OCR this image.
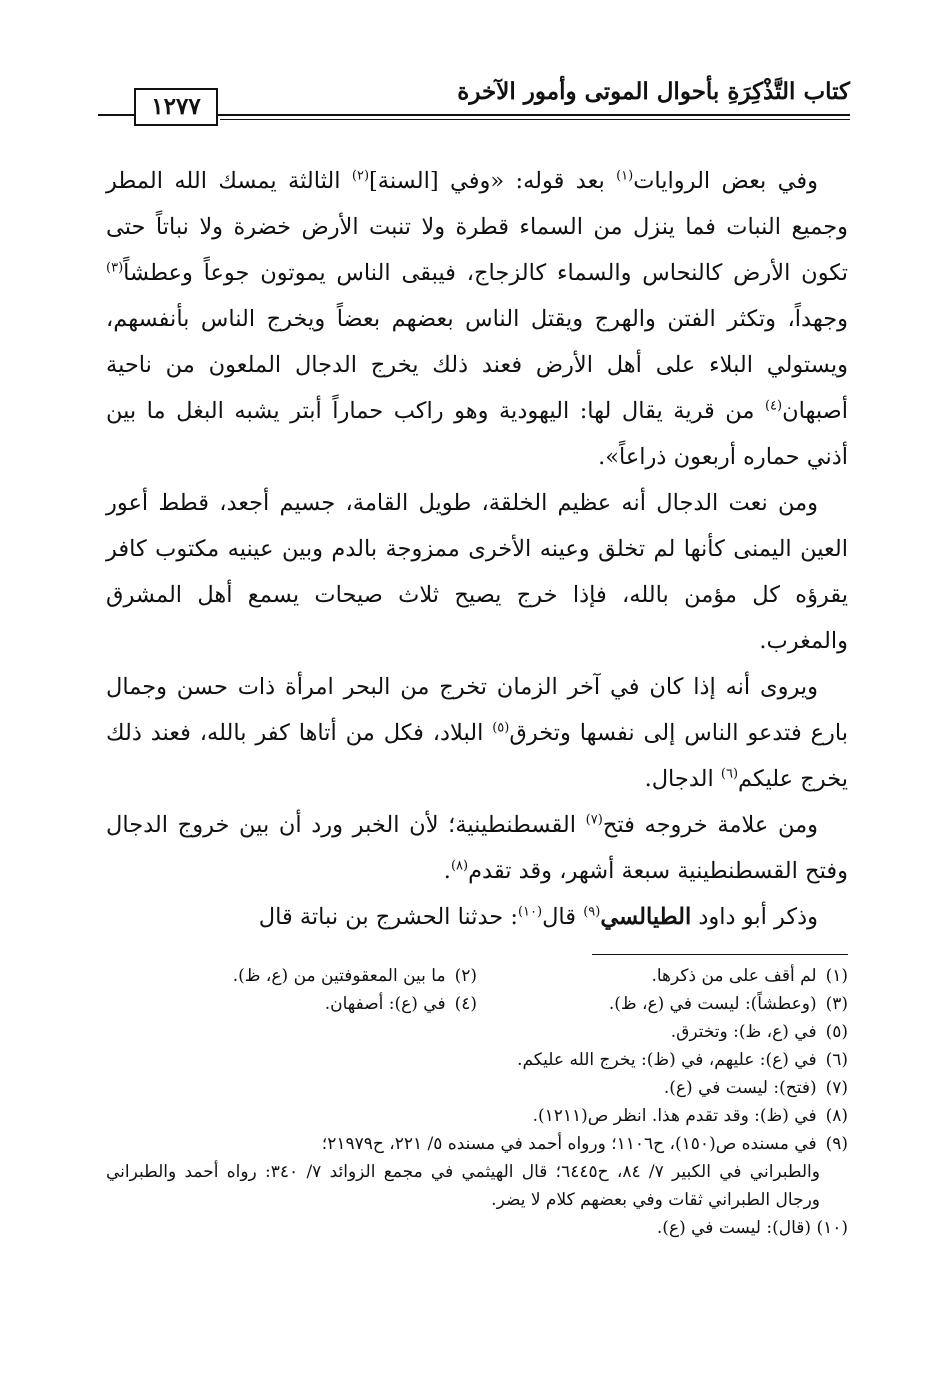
كتاب التَّذْكِرَةِ بأحوال الموتى وأمور الآخرة
١٢٧٧

وفي بعض الروايات$^{(١)}$ بعد قوله: «وفي [السنة]$^{(٢)}$ الثالثة يمسك الله المطر وجميع النبات فما ينزل من السماء قطرة ولا تنبت الأرض خضرة ولا نباتاً حتى تكون الأرض كالنحاس والسماء كالزجاج، فيبقى الناس يموتون جوعاً وعطشاً$^{(٣)}$ وجهداً، وتكثر الفتن والهرج ويقتل الناس بعضهم بعضاً ويخرج الناس بأنفسهم، ويستولي البلاء على أهل الأرض فعند ذلك يخرج الدجال الملعون من ناحية أصبهان$^{(٤)}$ من قرية يقال لها: اليهودية وهو راكب حماراً أبتر يشبه البغل ما بين أذني حماره أربعون ذراعاً».

ومن نعت الدجال أنه عظيم الخلقة، طويل القامة، جسيم أجعد، قطط أعور العين اليمنى كأنها لم تخلق وعينه الأخرى ممزوجة بالدم وبين عينيه مكتوب كافر يقرؤه كل مؤمن بالله، فإذا خرج يصيح ثلاث صيحات يسمع أهل المشرق والمغرب.

ويروى أنه إذا كان في آخر الزمان تخرج من البحر امرأة ذات حسن وجمال بارع فتدعو الناس إلى نفسها وتخرق$^{(٥)}$ البلاد، فكل من أتاها كفر بالله، فعند ذلك يخرج عليكم$^{(٦)}$ الدجال.

ومن علامة خروجه فتح$^{(٧)}$ القسطنطينية؛ لأن الخبر ورد أن بين خروج الدجال وفتح القسطنطينية سبعة أشهر، وقد تقدم$^{(٨)}$.

وذكر أبو داود الطيالسي$^{(٩)}$ قال$^{(١٠)}$: حدثنا الحشرج بن نباتة قال

(١) لم أقف على من ذكرها.
(٢) ما بين المعقوفتين من (ع، ظ).
(٣) (وعطشاً): ليست في (ع، ظ).
(٤) في (ع): أصفهان.
(٥) في (ع، ظ): وتخترق.
(٦) في (ع): عليهم، في (ظ): يخرج الله عليكم.
(٧) (فتح): ليست في (ع).
(٨) في (ظ): وقد تقدم هذا. انظر ص(١٢١١).
(٩) في مسنده ص(١٥٠)، ح١١٠٦؛ ورواه أحمد في مسنده ٥/ ٢٢١، ح٢١٩٧٩؛
والطبراني في الكبير ٧/ ٨٤، ح٦٤٤٥؛ قال الهيثمي في مجمع الزوائد ٧/ ٣٤٠: رواه أحمد والطبراني ورجال الطبراني ثقات وفي بعضهم كلام لا يضر.
(١٠) (قال): ليست في (ع).
